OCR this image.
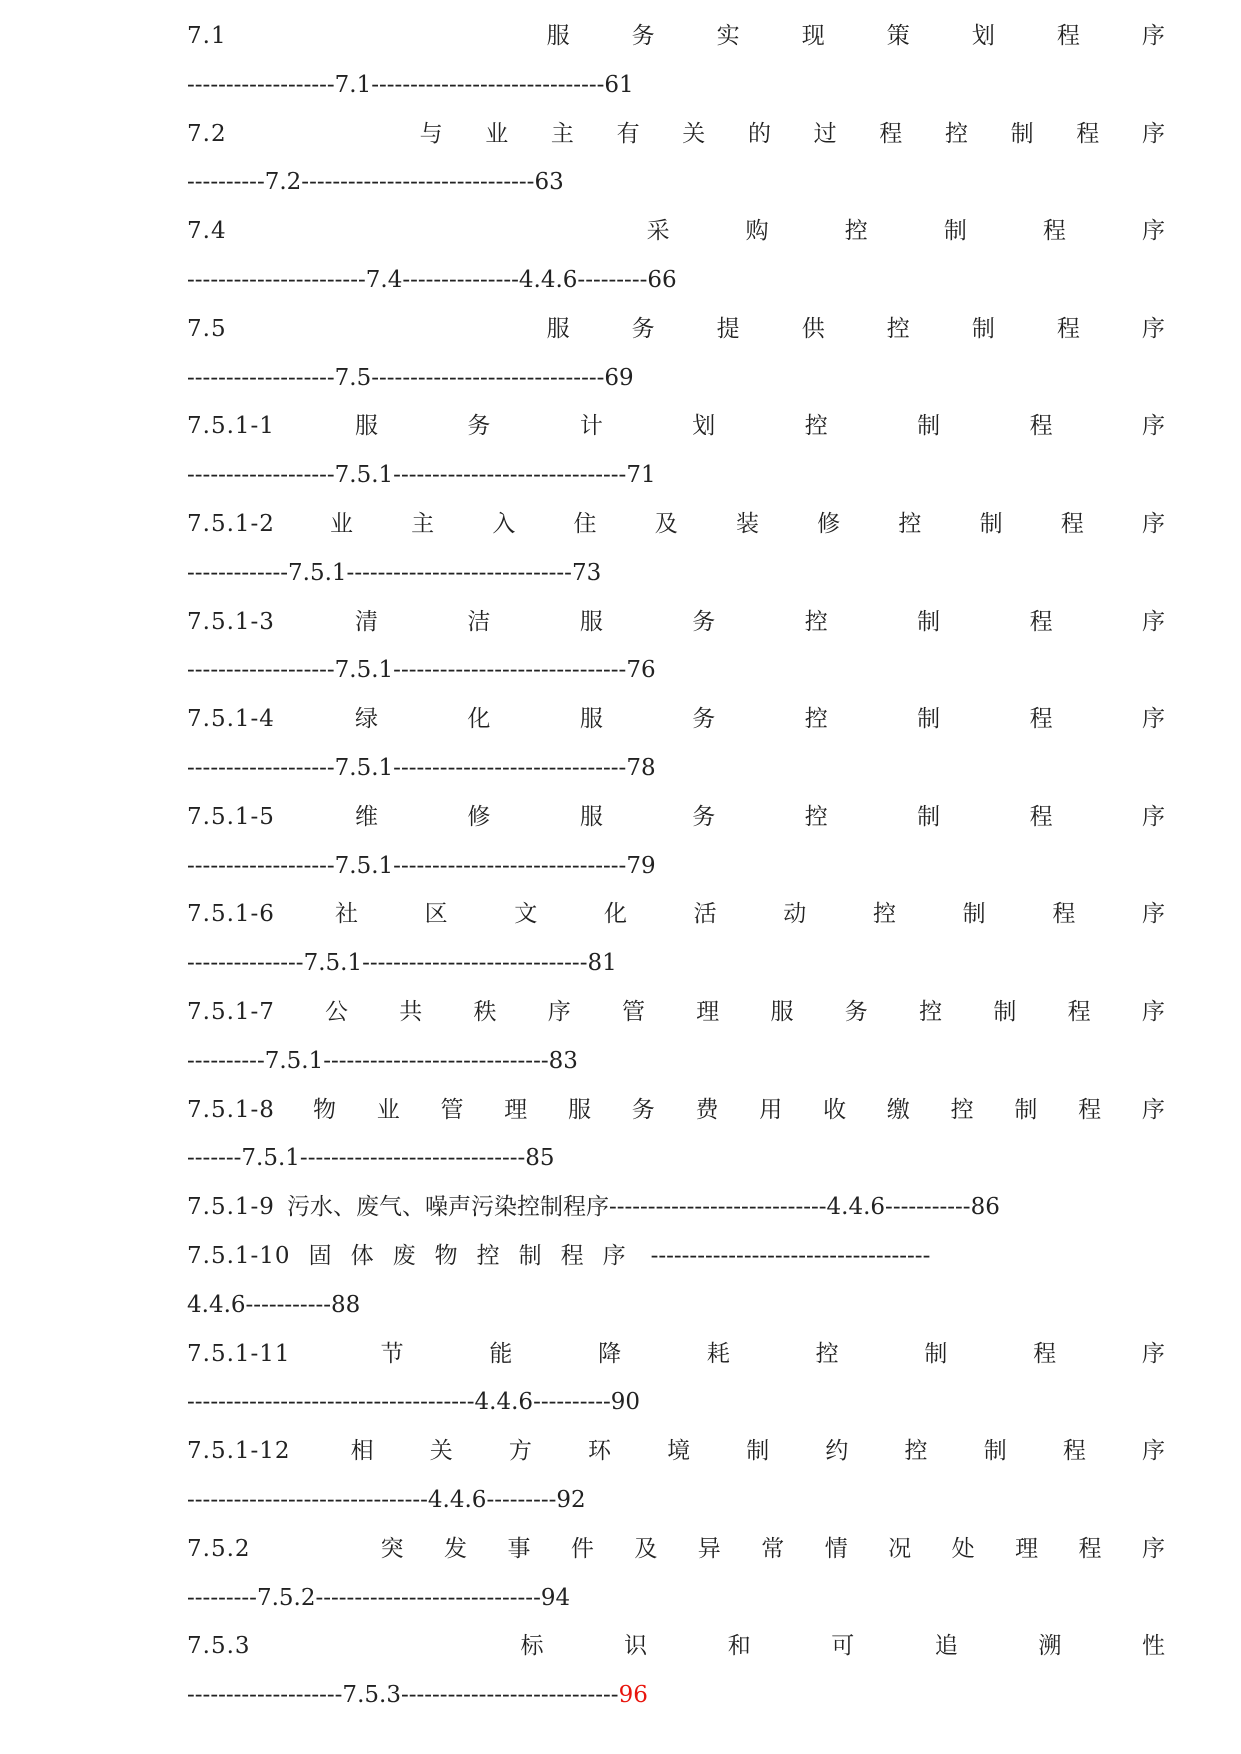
7.1	服	务	实	现	策	划	程	序
-------------------7.1------------------------------61
7.2	与 业 主 有 关 的 过 程 控 制 程 序
----------7.2------------------------------63
7.4	采	购	控	制	程	序
-----------------------7.4---------------4.4.6---------66
7.5	服	务	提	供	控	制	程	序
-------------------7.5------------------------------69
7.5.1-1	服	务	计	划	控	制	程	序
-------------------7.5.1------------------------------71
7.5.1-2 业	主	入	住	及	装	修	控	制	程	序
-------------7.5.1-----------------------------73
7.5.1-3	清	洁	服	务	控	制	程	序
-------------------7.5.1------------------------------76
7.5.1-4	绿	化	服	务	控	制	程	序
-------------------7.5.1------------------------------78
7.5.1-5	维	修	服	务	控	制	程	序
-------------------7.5.1------------------------------79
7.5.1-6	社	区	文	化	活	动	控	制	程	序
---------------7.5.1-----------------------------81
7.5.1-7 公 共 秩 序 管 理 服 务 控 制 程 序
----------7.5.1-----------------------------83
7.5.1-8 物 业 管 理 服 务 费 用 收 缴 控 制 程 序
-------7.5.1-----------------------------85
7.5.1-9 污水、废气、噪声污染控制程序 ----------------------------4.4.6-----------86
7.5.1-10 固体废物控制程序 ------------------------------------
4.4.6-----------88
7.5.1-11	节	能	降	耗	控	制	程	序
-------------------------------------4.4.6----------90
7.5.1-12	相 关 方 环 境 制 约 控 制 程 序
-------------------------------4.4.6---------92
7.5.2	突 发 事 件 及 异 常 情 况 处 理 程 序
---------7.5.2-----------------------------94
7.5.3	标	识	和	可	追	溯	性
--------------------7.5.3----------------------------96
